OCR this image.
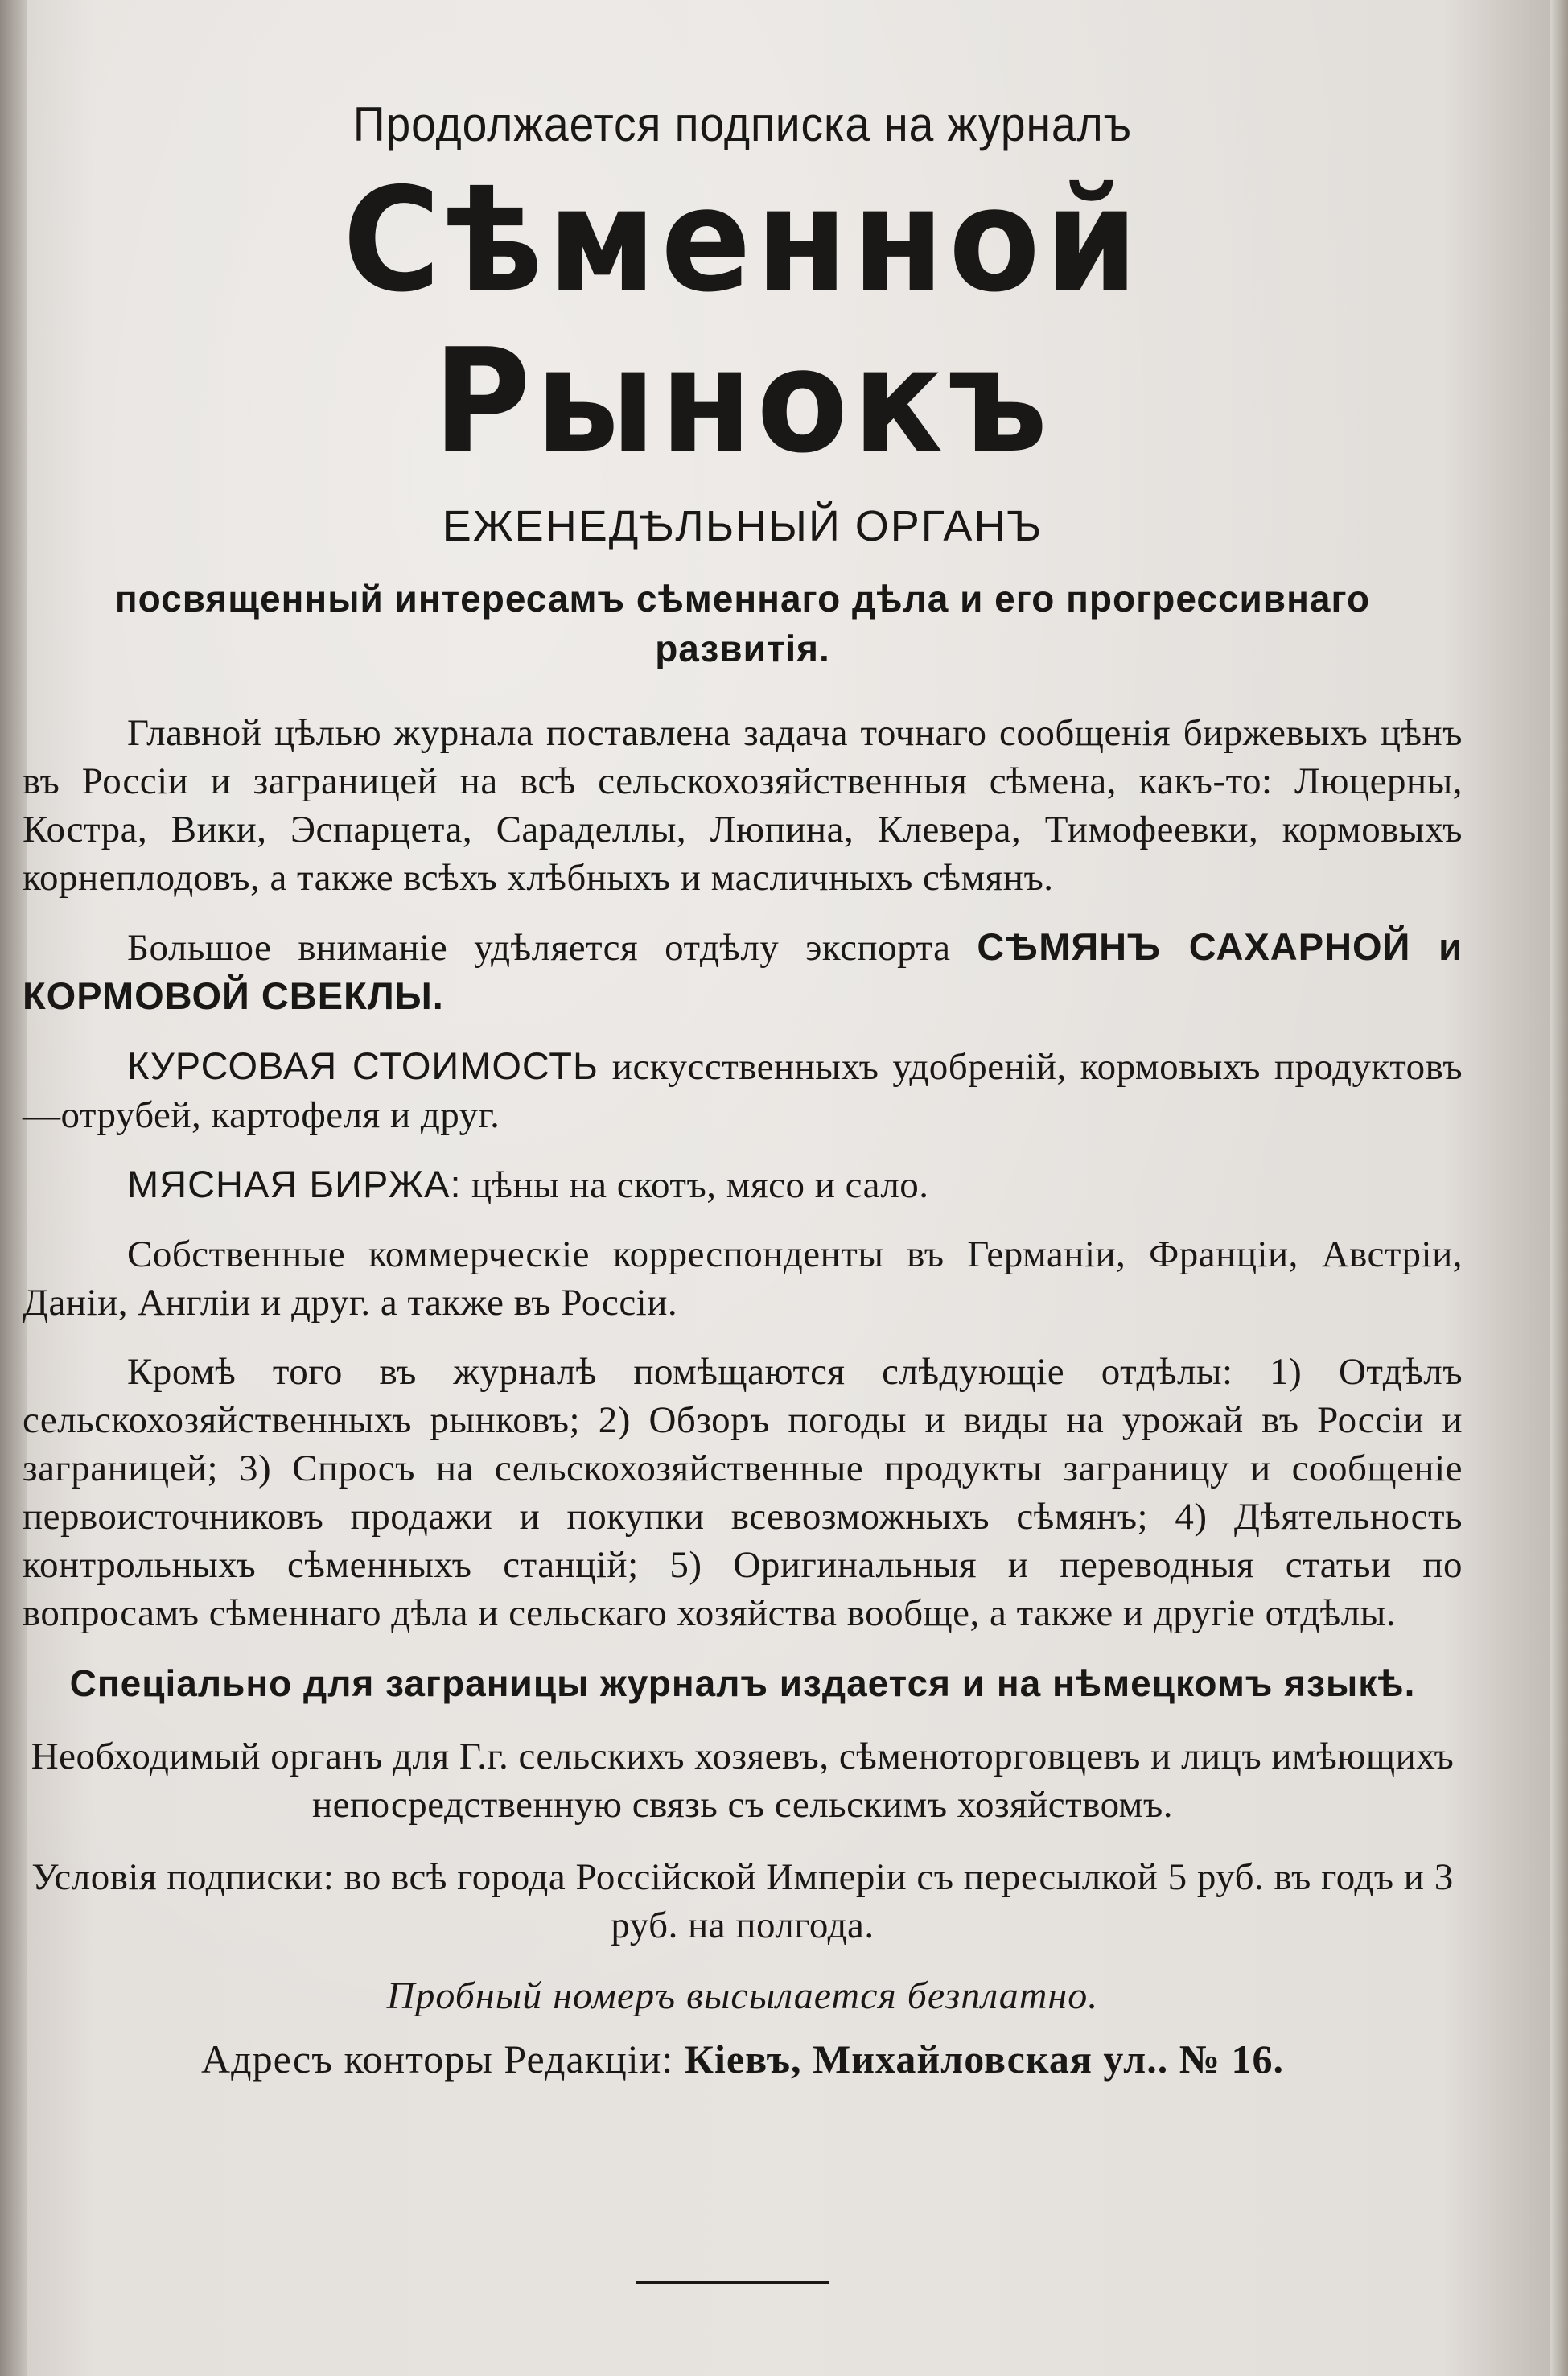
Продолжается подписка на журналъ
Сѣменной Рынокъ
ЕЖЕНЕДѢЛЬНЫЙ ОРГАНЪ
посвященный интересамъ сѣменнаго дѣла и его прогрессивнаго развитія.

Главной цѣлью журнала поставлена задача точнаго сообщенія биржевыхъ цѣнъ въ Россіи и заграницей на всѣ сельскохозяйственныя сѣмена, какъ-то: Люцерны, Костра, Вики, Эспарцета, Сараделлы, Люпина, Клевера, Тимофеевки, кормовыхъ корнеплодовъ, а также всѣхъ хлѣбныхъ и масличныхъ сѣмянъ.

Большое вниманіе удѣляется отдѣлу экспорта СѢМЯНЪ САХАРНОЙ и КОРМОВОЙ СВЕКЛЫ.

КУРСОВАЯ СТОИМОСТЬ искусственныхъ удобреній, кормовыхъ продуктовъ—отрубей, картофеля и друг.

МЯСНАЯ БИРЖА: цѣны на скотъ, мясо и сало.

Собственные коммерческіе корреспонденты въ Германіи, Франціи, Австріи, Даніи, Англіи и друг. а также въ Россіи.

Кромѣ того въ журналѣ помѣщаются слѣдующіе отдѣлы: 1) Отдѣлъ сельскохозяйственныхъ рынковъ; 2) Обзоръ погоды и виды на урожай въ Россіи и заграницей; 3) Спросъ на сельскохозяйственные продукты заграницу и сообщеніе первоисточниковъ продажи и покупки всевозможныхъ сѣмянъ; 4) Дѣятельность контрольныхъ сѣменныхъ станцій; 5) Оригинальныя и переводныя статьи по вопросамъ сѣменнаго дѣла и сельскаго хозяйства вообще, а также и другіе отдѣлы.

Спеціально для заграницы журналъ издается и на нѣмецкомъ языкѣ.
Необходимый органъ для Г.г. сельскихъ хозяевъ, сѣменоторговцевъ и лицъ имѣющихъ непосредственную связь съ сельскимъ хозяйствомъ.
Условія подписки: во всѣ города Россійской Имперіи съ пересылкой 5 руб. въ годъ и 3 руб. на полгода.
Пробный номеръ высылается безплатно.
Адресъ конторы Редакціи: Кіевъ, Михайловская ул.. № 16.
